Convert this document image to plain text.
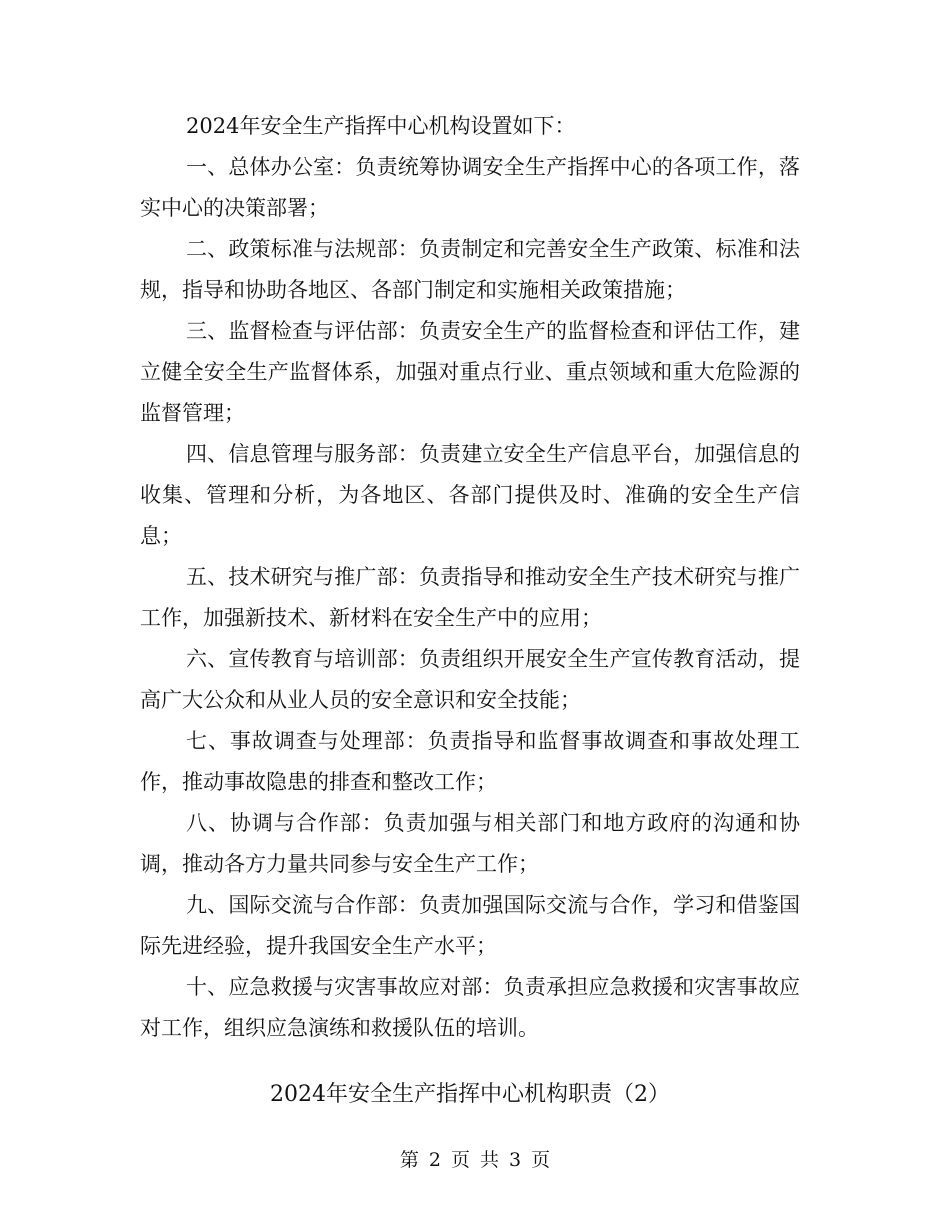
2024年安全生产指挥中心机构设置如下：

一、总体办公室：负责统筹协调安全生产指挥中心的各项工作，落实中心的决策部署；

二、政策标准与法规部：负责制定和完善安全生产政策、标准和法规，指导和协助各地区、各部门制定和实施相关政策措施；

三、监督检查与评估部：负责安全生产的监督检查和评估工作，建立健全安全生产监督体系，加强对重点行业、重点领域和重大危险源的监督管理；

四、信息管理与服务部：负责建立安全生产信息平台，加强信息的收集、管理和分析，为各地区、各部门提供及时、准确的安全生产信息；

五、技术研究与推广部：负责指导和推动安全生产技术研究与推广工作，加强新技术、新材料在安全生产中的应用；

六、宣传教育与培训部：负责组织开展安全生产宣传教育活动，提高广大公众和从业人员的安全意识和安全技能；

七、事故调查与处理部：负责指导和监督事故调查和事故处理工作，推动事故隐患的排查和整改工作；

八、协调与合作部：负责加强与相关部门和地方政府的沟通和协调，推动各方力量共同参与安全生产工作；

九、国际交流与合作部：负责加强国际交流与合作，学习和借鉴国际先进经验，提升我国安全生产水平；

十、应急救援与灾害事故应对部：负责承担应急救援和灾害事故应对工作，组织应急演练和救援队伍的培训。

2024年安全生产指挥中心机构职责（2）

第 2 页 共 3 页
